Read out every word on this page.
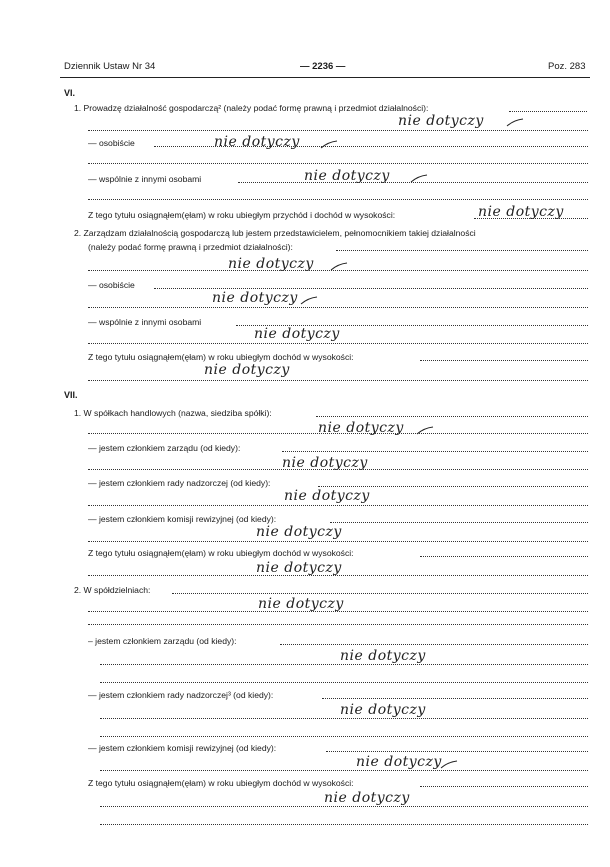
Dziennik Ustaw Nr 34	— 2236 —	Poz. 283
VI.
1. Prowadzę działalność gospodarczą² (należy podać formę prawną i przedmiot działalności):
nie dotyczy
— osobiście	nie dotyczy
— wspólnie z innymi osobami	nie dotyczy
Z tego tytułu osiągnąłem(ęłam) w roku ubiegłym przychód i dochód w wysokości:	nie dotyczy
2. Zarządzam działalnością gospodarczą lub jestem przedstawicielem, pełnomocnikiem takiej działalności
(należy podać formę prawną i przedmiot działalności):
nie dotyczy
— osobiście
nie dotyczy
— wspólnie z innymi osobami
nie dotyczy
Z tego tytułu osiągnąłem(ęłam) w roku ubiegłym dochód w wysokości:
nie dotyczy
VII.
1. W spółkach handlowych (nazwa, siedziba spółki):
nie dotyczy
— jestem członkiem zarządu (od kiedy):
nie dotyczy
— jestem członkiem rady nadzorczej (od kiedy):
nie dotyczy
— jestem członkiem komisji rewizyjnej (od kiedy):
nie dotyczy
Z tego tytułu osiągnąłem(ęłam) w roku ubiegłym dochód w wysokości:
nie dotyczy
2. W spółdzielniach:
nie dotyczy
– jestem członkiem zarządu (od kiedy):
nie dotyczy
— jestem członkiem rady nadzorczej³ (od kiedy):
nie dotyczy
— jestem członkiem komisji rewizyjnej (od kiedy):
nie dotyczy
Z tego tytułu osiągnąłem(ęłam) w roku ubiegłym dochód w wysokości:
nie dotyczy
